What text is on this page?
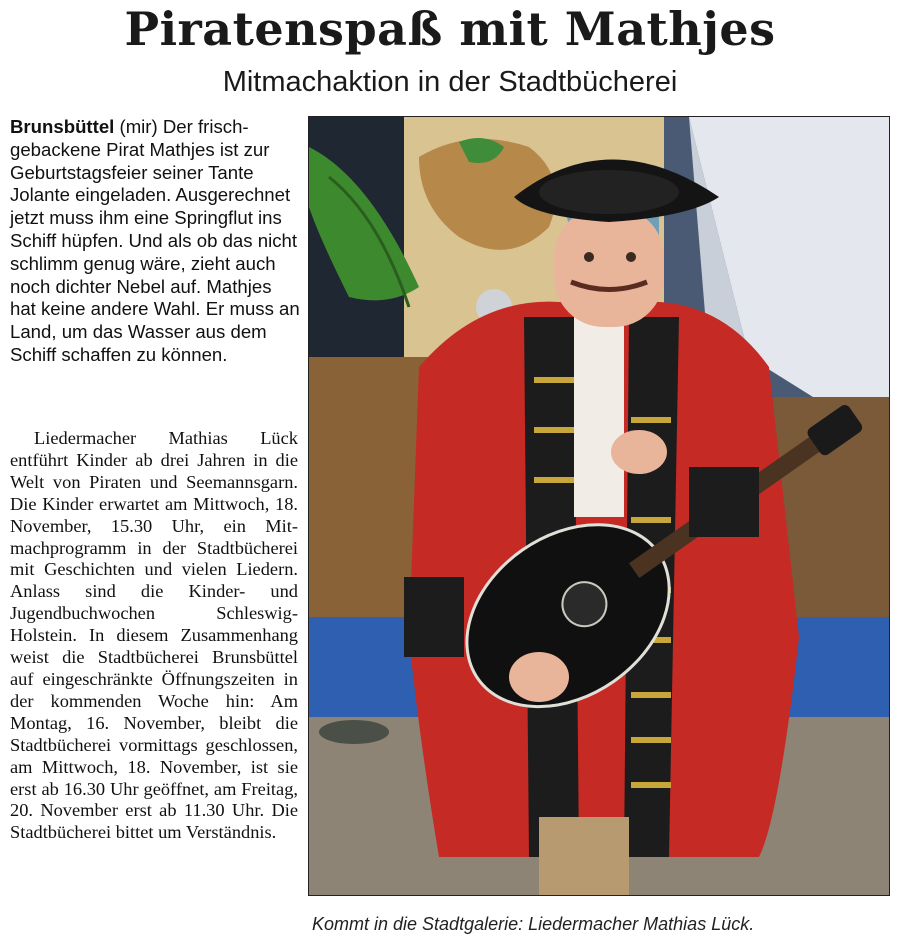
Piratenspaß mit Mathjes
Mitmachaktion in der Stadtbücherei

Brunsbüttel (mir) Der frischgebackene Pirat Mathjes ist zur Geburtstagsfeier seiner Tante Jolante eingeladen. Ausgerechnet jetzt muss ihm eine Springflut ins Schiff hüpfen. Und als ob das nicht schlimm genug wäre, zieht auch noch dichter Nebel auf. Mathjes hat keine andere Wahl. Er muss an Land, um das Wasser aus dem Schiff schaffen zu können.

Liedermacher Mathias Lück entführt Kinder ab drei Jahren in die Welt von Piraten und Seemannsgarn. Die Kinder erwartet am Mittwoch, 18. November, 15.30 Uhr, ein Mitmachprogramm in der Stadtbücherei mit Geschichten und vielen Liedern. Anlass sind die Kinder- und Jugendbuchwochen Schleswig-Holstein. In diesem Zusammenhang weist die Stadtbücherei Brunsbüttel auf eingeschränkte Öffnungszeiten in der kommenden Woche hin: Am Montag, 16. November, bleibt die Stadtbücherei vormittags geschlossen, am Mittwoch, 18. November, ist sie erst ab 16.30 Uhr geöffnet, am Freitag, 20. November erst ab 11.30 Uhr. Die Stadtbücherei bittet um Verständnis.

Kommt in die Stadtgalerie: Liedermacher Mathias Lück.
